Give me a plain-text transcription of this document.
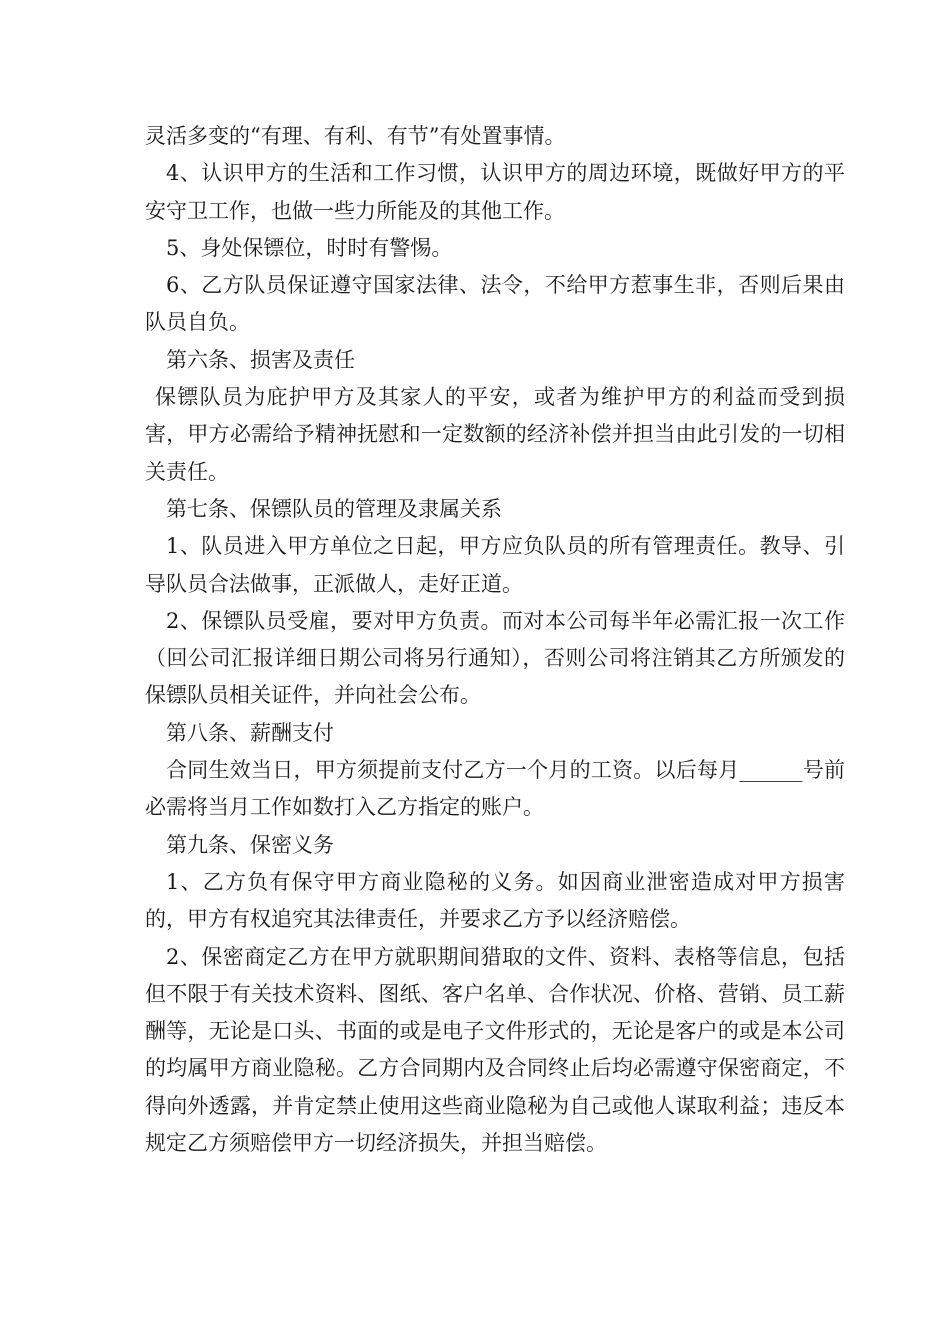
灵活多变的“有理、有利、有节”有处置事情。

4、认识甲方的生活和工作习惯，认识甲方的周边环境，既做好甲方的平安守卫工作，也做一些力所能及的其他工作。

5、身处保镖位，时时有警惕。

6、乙方队员保证遵守国家法律、法令，不给甲方惹事生非，否则后果由队员自负。

第六条、损害及责任

保镖队员为庇护甲方及其家人的平安，或者为维护甲方的利益而受到损害，甲方必需给予精神抚慰和一定数额的经济补偿并担当由此引发的一切相关责任。

第七条、保镖队员的管理及隶属关系

1、队员进入甲方单位之日起，甲方应负队员的所有管理责任。教导、引导队员合法做事，正派做人，走好正道。

2、保镖队员受雇，要对甲方负责。而对本公司每半年必需汇报一次工作（回公司汇报详细日期公司将另行通知），否则公司将注销其乙方所颁发的保镖队员相关证件，并向社会公布。

第八条、薪酬支付

合同生效当日，甲方须提前支付乙方一个月的工资。以后每月______号前必需将当月工作如数打入乙方指定的账户。

第九条、保密义务

1、乙方负有保守甲方商业隐秘的义务。如因商业泄密造成对甲方损害的，甲方有权追究其法律责任，并要求乙方予以经济赔偿。

2、保密商定乙方在甲方就职期间猎取的文件、资料、表格等信息，包括但不限于有关技术资料、图纸、客户名单、合作状况、价格、营销、员工薪酬等，无论是口头、书面的或是电子文件形式的，无论是客户的或是本公司的均属甲方商业隐秘。乙方合同期内及合同终止后均必需遵守保密商定，不得向外透露，并肯定禁止使用这些商业隐秘为自己或他人谋取利益；违反本规定乙方须赔偿甲方一切经济损失，并担当赔偿。
